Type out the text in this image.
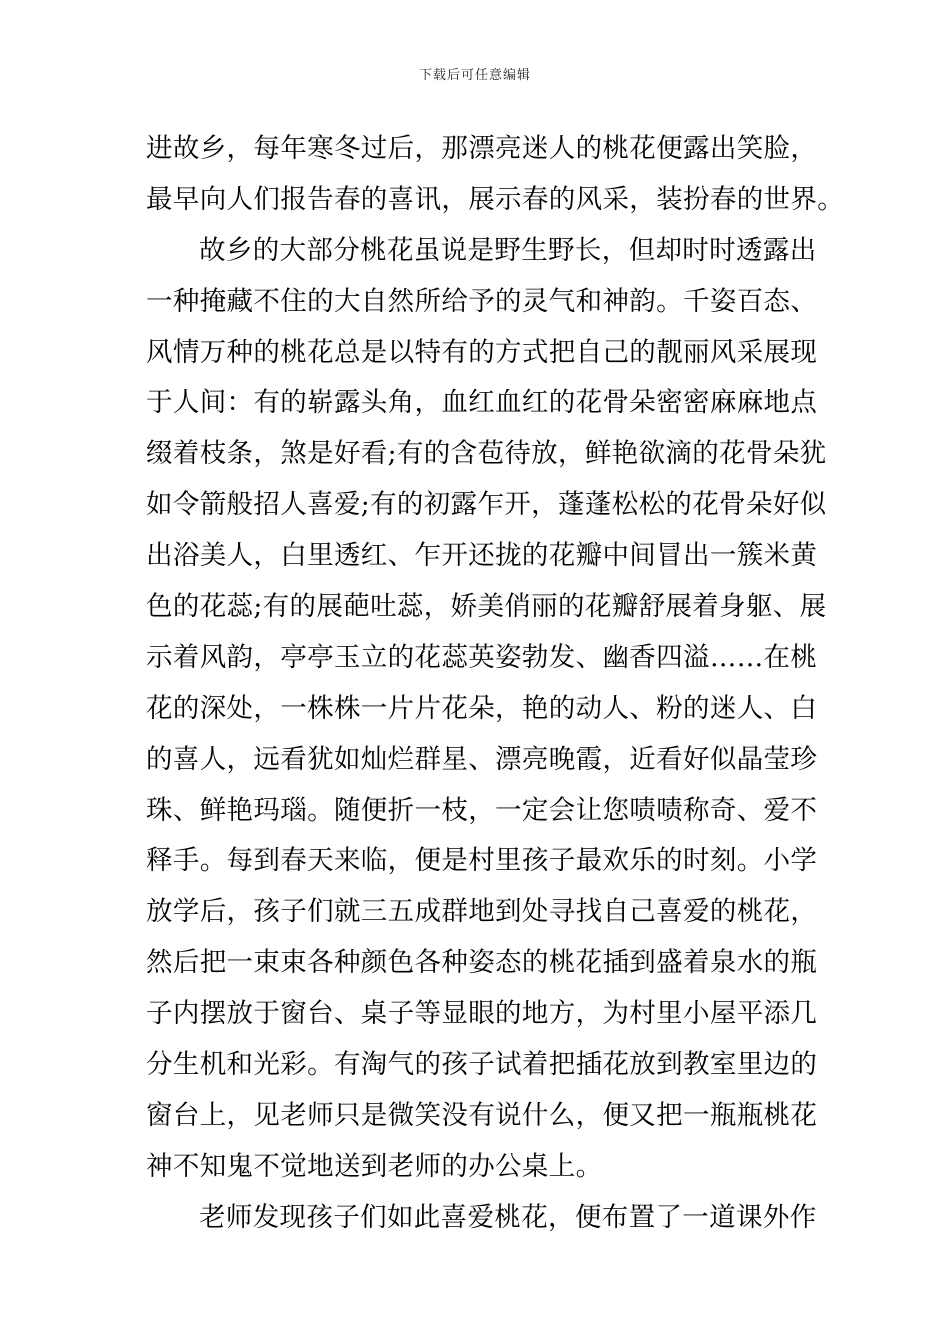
下载后可任意编辑
进故乡，每年寒冬过后，那漂亮迷人的桃花便露出笑脸，
最早向人们报告春的喜讯，展示春的风采，装扮春的世界。
故乡的大部分桃花虽说是野生野长，但却时时透露出
一种掩藏不住的大自然所给予的灵气和神韵。千姿百态、
风情万种的桃花总是以特有的方式把自己的靓丽风采展现
于人间：有的崭露头角，血红血红的花骨朵密密麻麻地点
缀着枝条，煞是好看;有的含苞待放，鲜艳欲滴的花骨朵犹
如令箭般招人喜爱;有的初露乍开，蓬蓬松松的花骨朵好似
出浴美人，白里透红、乍开还拢的花瓣中间冒出一簇米黄
色的花蕊;有的展葩吐蕊，娇美俏丽的花瓣舒展着身躯、展
示着风韵，亭亭玉立的花蕊英姿勃发、幽香四溢……在桃
花的深处，一株株一片片花朵，艳的动人、粉的迷人、白
的喜人，远看犹如灿烂群星、漂亮晚霞，近看好似晶莹珍
珠、鲜艳玛瑙。随便折一枝，一定会让您啧啧称奇、爱不
释手。每到春天来临，便是村里孩子最欢乐的时刻。小学
放学后，孩子们就三五成群地到处寻找自己喜爱的桃花，
然后把一束束各种颜色各种姿态的桃花插到盛着泉水的瓶
子内摆放于窗台、桌子等显眼的地方，为村里小屋平添几
分生机和光彩。有淘气的孩子试着把插花放到教室里边的
窗台上，见老师只是微笑没有说什么，便又把一瓶瓶桃花
神不知鬼不觉地送到老师的办公桌上。
老师发现孩子们如此喜爱桃花，便布置了一道课外作
